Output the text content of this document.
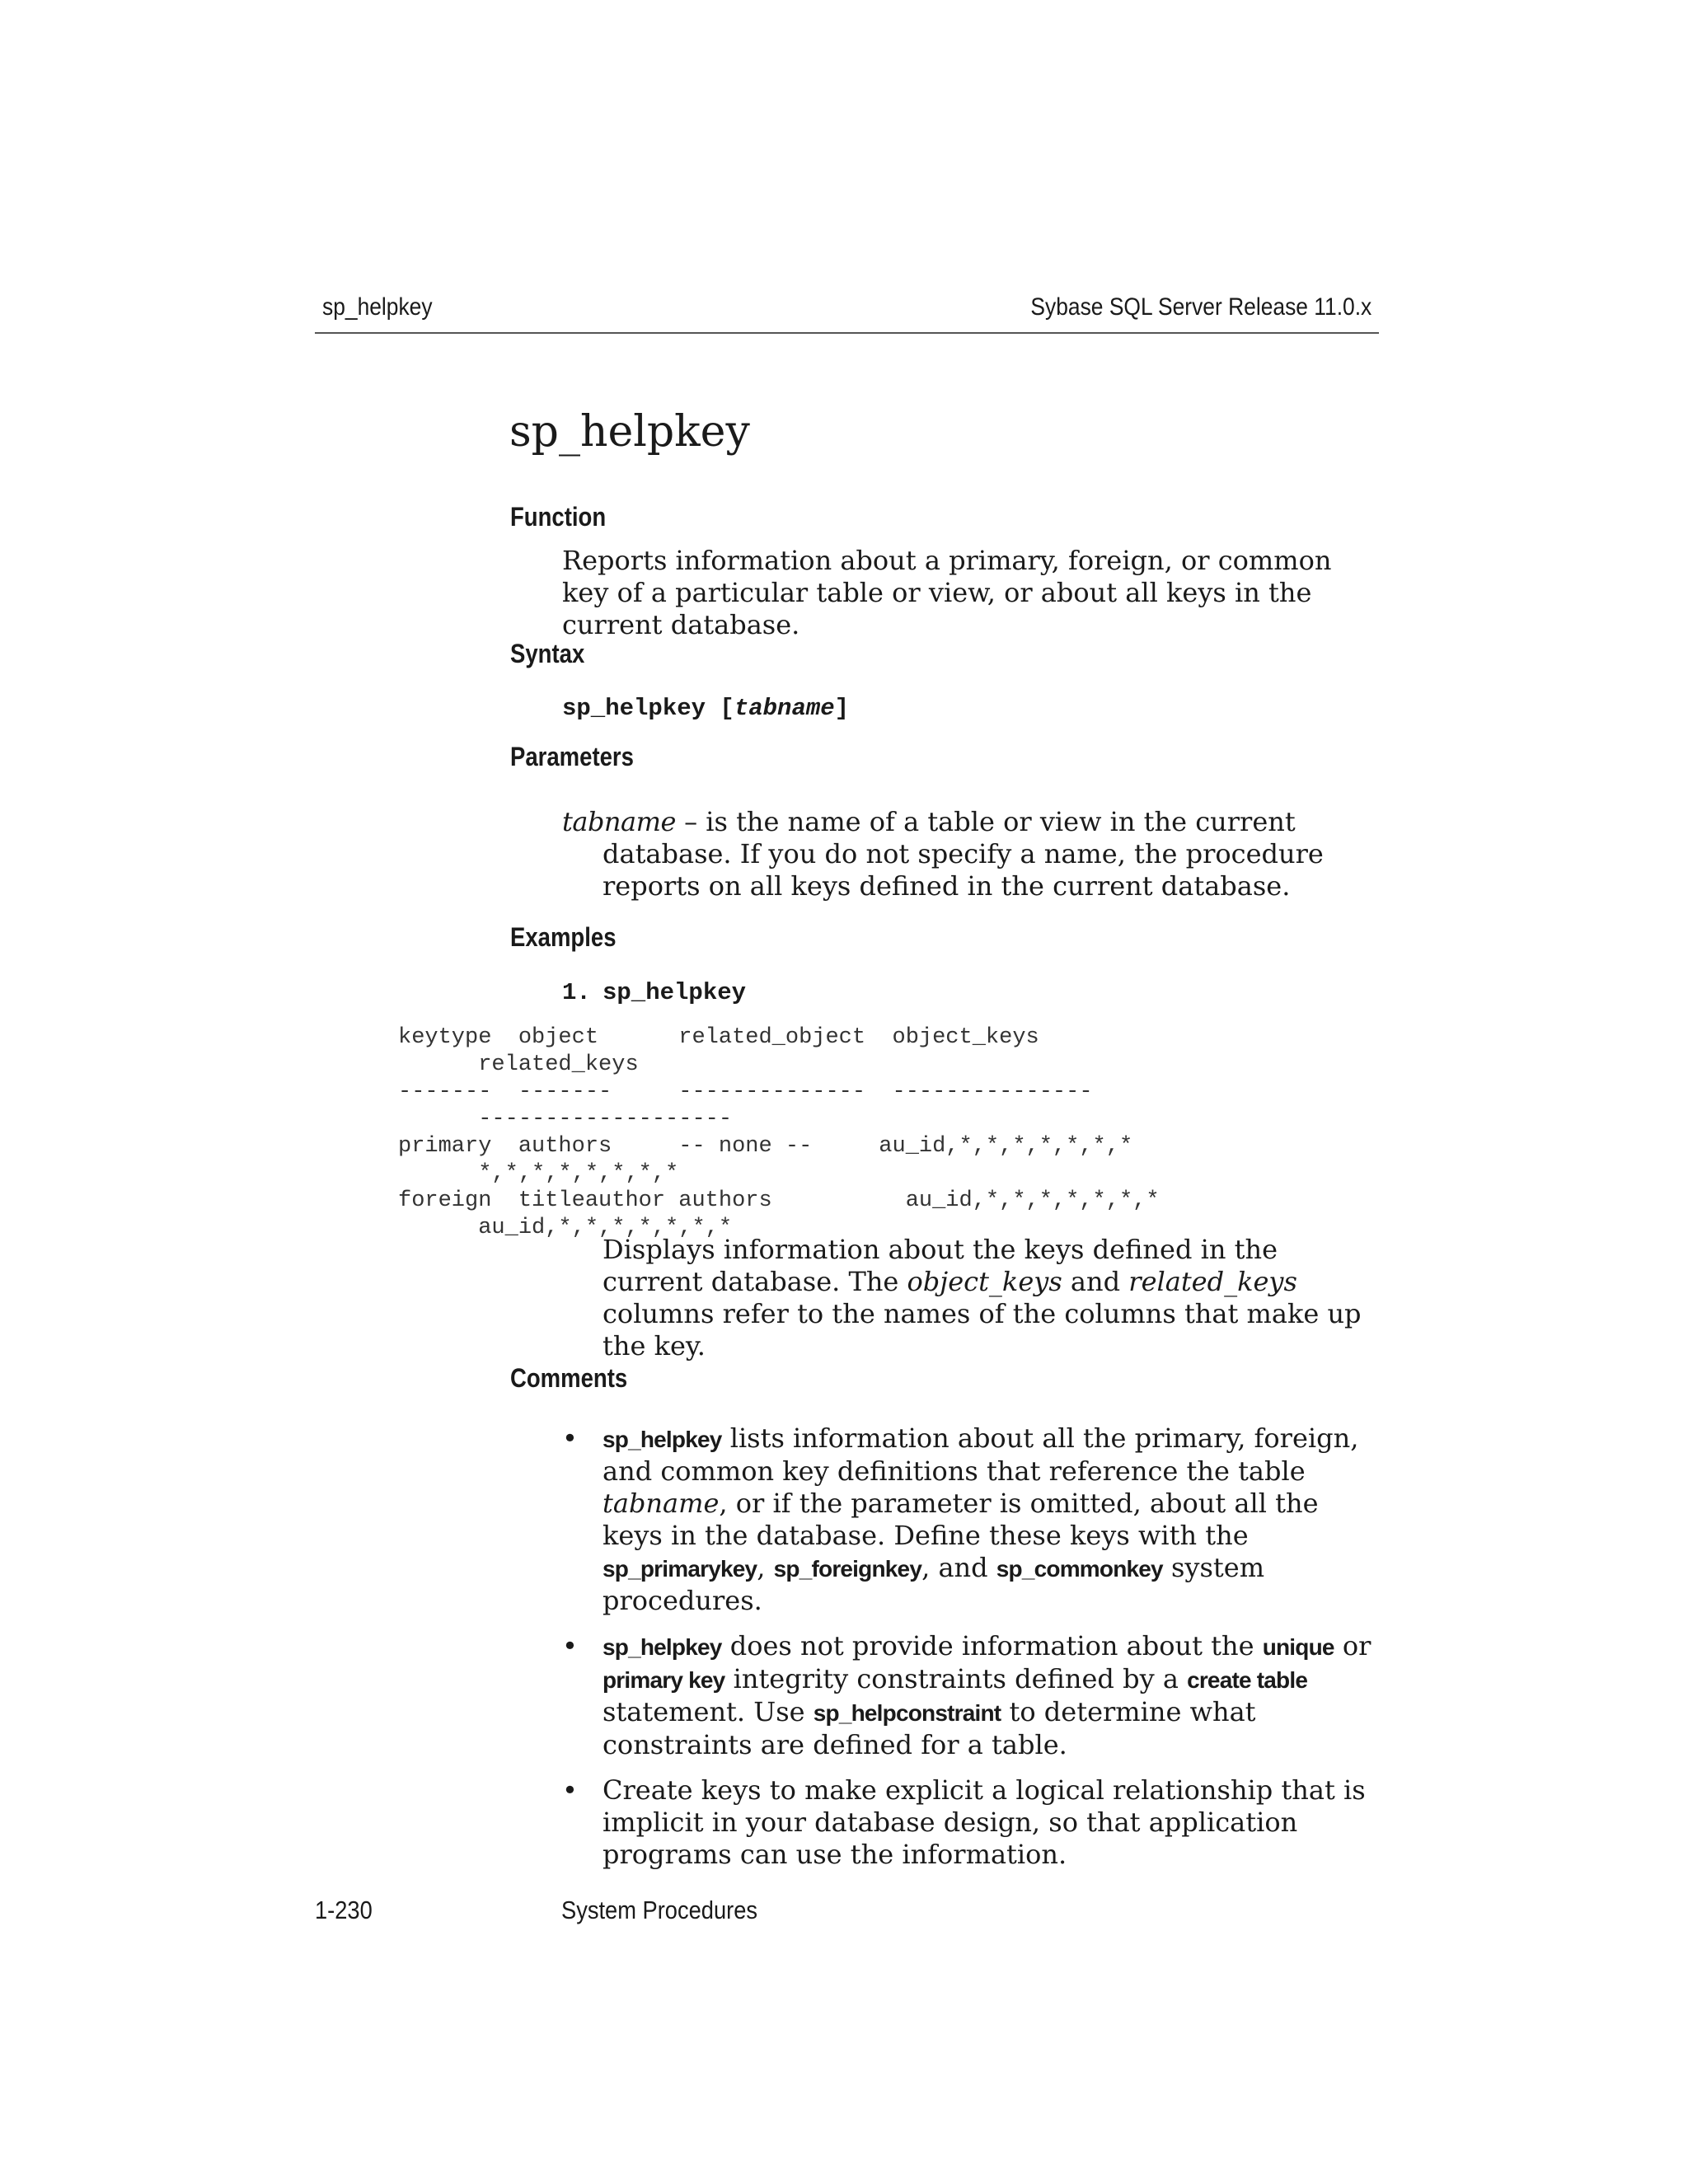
sp_helpkey	Sybase SQL Server Release 11.0.x
sp_helpkey
Function

Reports information about a primary, foreign, or common key of a particular table or view, or about all keys in the current database.

Syntax
sp_helpkey [tabname]
Parameters

tabname – is the name of a table or view in the current database. If you do not specify a name, the procedure reports on all keys defined in the current database.

Examples
1. sp_helpkey
keytype  object      related_object  object_keys
related_keys
-------  -------     --------------  ---------------
-------------------
primary  authors     -- none --     au_id,*,*,*,*,*,*,*
*,*,*,*,*,*,*,*
foreign  titleauthor authors          au_id,*,*,*,*,*,*,*
au_id,*,*,*,*,*,*,*

Displays information about the keys defined in the current database. The object_keys and related_keys columns refer to the names of the columns that make up the key.

Comments
• sp_helpkey lists information about all the primary, foreign, and common key definitions that reference the table tabname, or if the parameter is omitted, about all the keys in the database. Define these keys with the sp_primarykey, sp_foreignkey, and sp_commonkey system procedures.
• sp_helpkey does not provide information about the unique or primary key integrity constraints defined by a create table statement. Use sp_helpconstraint to determine what constraints are defined for a table.
• Create keys to make explicit a logical relationship that is implicit in your database design, so that application programs can use the information.
1-230	System Procedures
